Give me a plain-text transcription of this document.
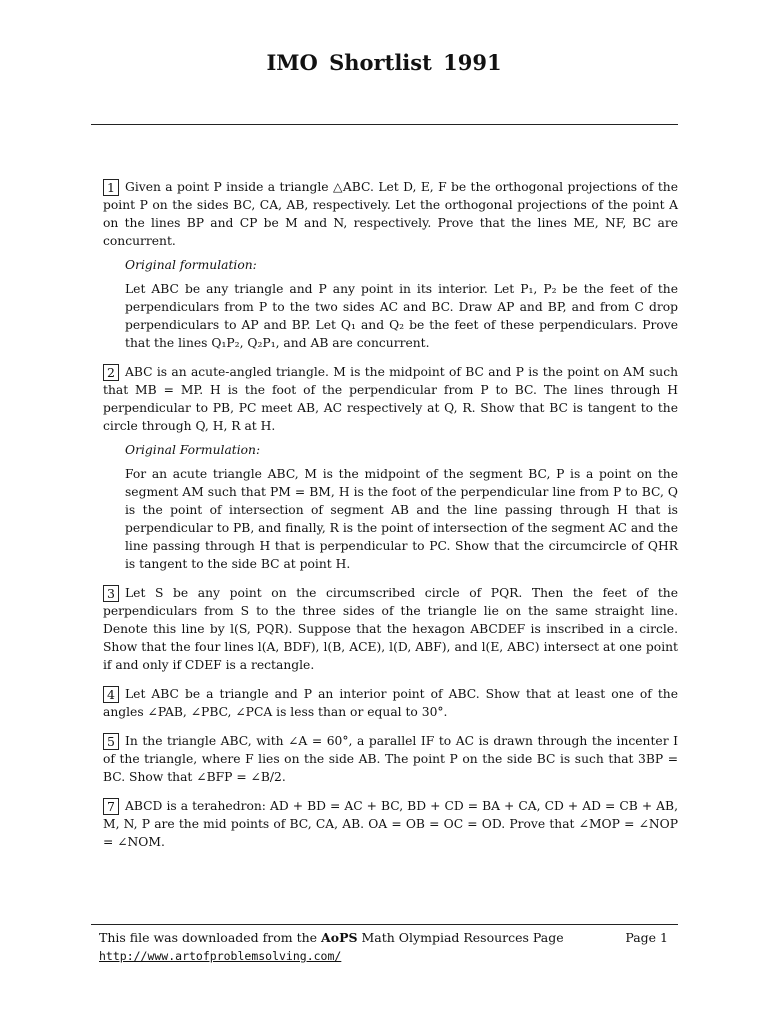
IMO Shortlist 1991
1 Given a point P inside a triangle △ABC. Let D, E, F be the orthogonal projections of the point P on the sides BC, CA, AB, respectively. Let the orthogonal projections of the point A on the lines BP and CP be M and N, respectively. Prove that the lines ME, NF, BC are concurrent.
Original formulation:
Let ABC be any triangle and P any point in its interior. Let P₁, P₂ be the feet of the perpendiculars from P to the two sides AC and BC. Draw AP and BP, and from C drop perpendiculars to AP and BP. Let Q₁ and Q₂ be the feet of these perpendiculars. Prove that the lines Q₁P₂, Q₂P₁, and AB are concurrent.
2 ABC is an acute-angled triangle. M is the midpoint of BC and P is the point on AM such that MB = MP. H is the foot of the perpendicular from P to BC. The lines through H perpendicular to PB, PC meet AB, AC respectively at Q, R. Show that BC is tangent to the circle through Q, H, R at H.
Original Formulation:
For an acute triangle ABC, M is the midpoint of the segment BC, P is a point on the segment AM such that PM = BM, H is the foot of the perpendicular line from P to BC, Q is the point of intersection of segment AB and the line passing through H that is perpendicular to PB, and finally, R is the point of intersection of the segment AC and the line passing through H that is perpendicular to PC. Show that the circumcircle of QHR is tangent to the side BC at point H.
3 Let S be any point on the circumscribed circle of PQR. Then the feet of the perpendiculars from S to the three sides of the triangle lie on the same straight line. Denote this line by l(S, PQR). Suppose that the hexagon ABCDEF is inscribed in a circle. Show that the four lines l(A, BDF), l(B, ACE), l(D, ABF), and l(E, ABC) intersect at one point if and only if CDEF is a rectangle.
4 Let ABC be a triangle and P an interior point of ABC. Show that at least one of the angles ∠PAB, ∠PBC, ∠PCA is less than or equal to 30°.
5 In the triangle ABC, with ∠A = 60°, a parallel IF to AC is drawn through the incenter I of the triangle, where F lies on the side AB. The point P on the side BC is such that 3BP = BC. Show that ∠BFP = ∠B/2.
7 ABCD is a terahedron: AD + BD = AC + BC, BD + CD = BA + CA, CD + AD = CB + AB, M, N, P are the mid points of BC, CA, AB. OA = OB = OC = OD. Prove that ∠MOP = ∠NOP = ∠NOM.
This file was downloaded from the AoPS Math Olympiad Resources Page
http://www.artofproblemsolving.com/
Page 1
